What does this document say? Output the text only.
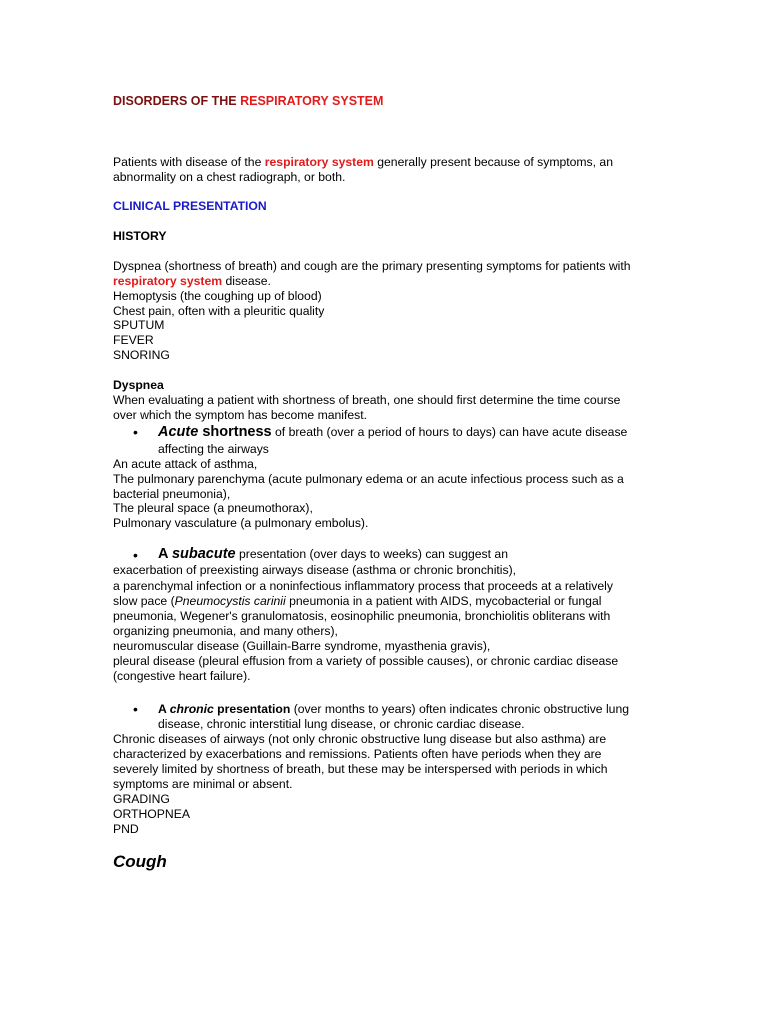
DISORDERS OF THE RESPIRATORY SYSTEM
Patients with disease of the respiratory system generally present because of symptoms, an
abnormality on a chest radiograph, or both.
CLINICAL PRESENTATION
HISTORY
Dyspnea (shortness of breath) and cough are the primary presenting symptoms for patients with
respiratory system disease.
Hemoptysis (the coughing up of blood)
Chest pain, often with a pleuritic quality
SPUTUM
FEVER
SNORING
Dyspnea
When evaluating a patient with shortness of breath, one should first determine the time course
over which the symptom has become manifest.
• Acute shortness of breath (over a period of hours to days) can have acute disease
affecting the airways
An acute attack of asthma,
The pulmonary parenchyma (acute pulmonary edema or an acute infectious process such as a
bacterial pneumonia),
The pleural space (a pneumothorax),
Pulmonary vasculature (a pulmonary embolus).
• A subacute presentation (over days to weeks) can suggest an
exacerbation of preexisting airways disease (asthma or chronic bronchitis),
a parenchymal infection or a noninfectious inflammatory process that proceeds at a relatively
slow pace (Pneumocystis carinii pneumonia in a patient with AIDS, mycobacterial or fungal
pneumonia, Wegener's granulomatosis, eosinophilic pneumonia, bronchiolitis obliterans with
organizing pneumonia, and many others),
neuromuscular disease (Guillain-Barre syndrome, myasthenia gravis),
pleural disease (pleural effusion from a variety of possible causes), or chronic cardiac disease
(congestive heart failure).
• A chronic presentation (over months to years) often indicates chronic obstructive lung
disease, chronic interstitial lung disease, or chronic cardiac disease.
Chronic diseases of airways (not only chronic obstructive lung disease but also asthma) are
characterized by exacerbations and remissions. Patients often have periods when they are
severely limited by shortness of breath, but these may be interspersed with periods in which
symptoms are minimal or absent.
GRADING
ORTHOPNEA
PND
Cough
